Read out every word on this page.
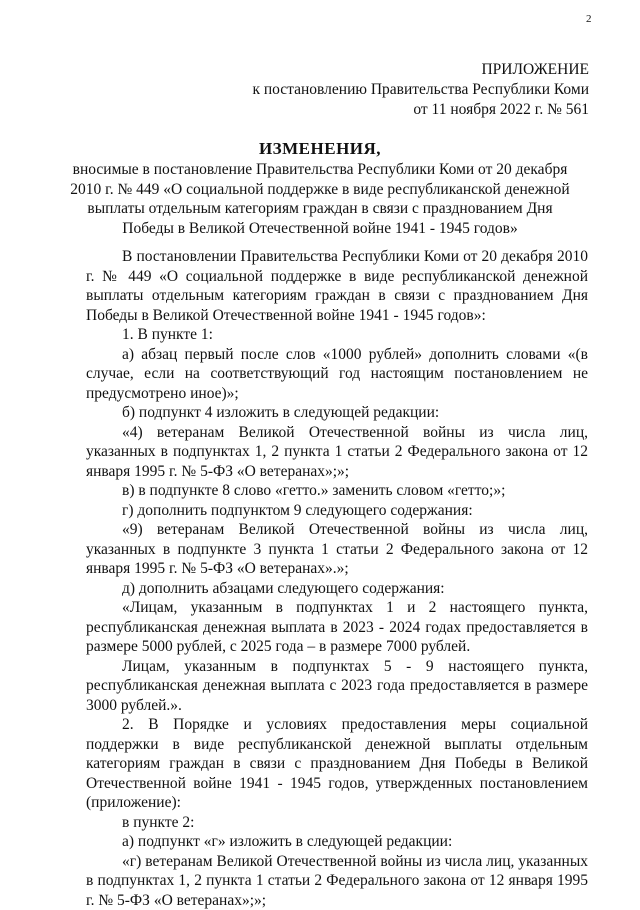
2
ПРИЛОЖЕНИЕ
к постановлению Правительства Республики Коми
от 11 ноября 2022 г. № 561
ИЗМЕНЕНИЯ,
вносимые в постановление Правительства Республики Коми от 20 декабря 2010 г. № 449 «О социальной поддержке в виде республиканской денежной выплаты отдельным категориям граждан в связи с празднованием Дня Победы в Великой Отечественной войне 1941 - 1945 годов»

В постановлении Правительства Республики Коми от 20 декабря 2010 г. № 449 «О социальной поддержке в виде республиканской денежной выплаты отдельным категориям граждан в связи с празднованием Дня Победы в Великой Отечественной войне 1941 - 1945 годов»:

1. В пункте 1:

а) абзац первый после слов «1000 рублей» дополнить словами «(в случае, если на соответствующий год настоящим постановлением не предусмотрено иное)»;

б) подпункт 4 изложить в следующей редакции:

«4) ветеранам Великой Отечественной войны из числа лиц, указанных в подпунктах 1, 2 пункта 1 статьи 2 Федерального закона от 12 января 1995 г. № 5-ФЗ «О ветеранах»;»;

в) в подпункте 8 слово «гетто.» заменить словом «гетто;»;

г) дополнить подпунктом 9 следующего содержания:

«9) ветеранам Великой Отечественной войны из числа лиц, указанных в подпункте 3 пункта 1 статьи 2 Федерального закона от 12 января 1995 г. № 5-ФЗ «О ветеранах».»;

д) дополнить абзацами следующего содержания:

«Лицам, указанным в подпунктах 1 и 2 настоящего пункта, республиканская денежная выплата в 2023 - 2024 годах предоставляется в размере 5000 рублей, с 2025 года – в размере 7000 рублей.

Лицам, указанным в подпунктах 5 - 9 настоящего пункта, республиканская денежная выплата с 2023 года предоставляется в размере 3000 рублей.».

2. В Порядке и условиях предоставления меры социальной поддержки в виде республиканской денежной выплаты отдельным категориям граждан в связи с празднованием Дня Победы в Великой Отечественной войне 1941 - 1945 годов, утвержденных постановлением (приложение):

в пункте 2:

а) подпункт «г» изложить в следующей редакции:

«г) ветеранам Великой Отечественной войны из числа лиц, указанных в подпунктах 1, 2 пункта 1 статьи 2 Федерального закона от 12 января 1995 г. № 5-ФЗ «О ветеранах»;»;
